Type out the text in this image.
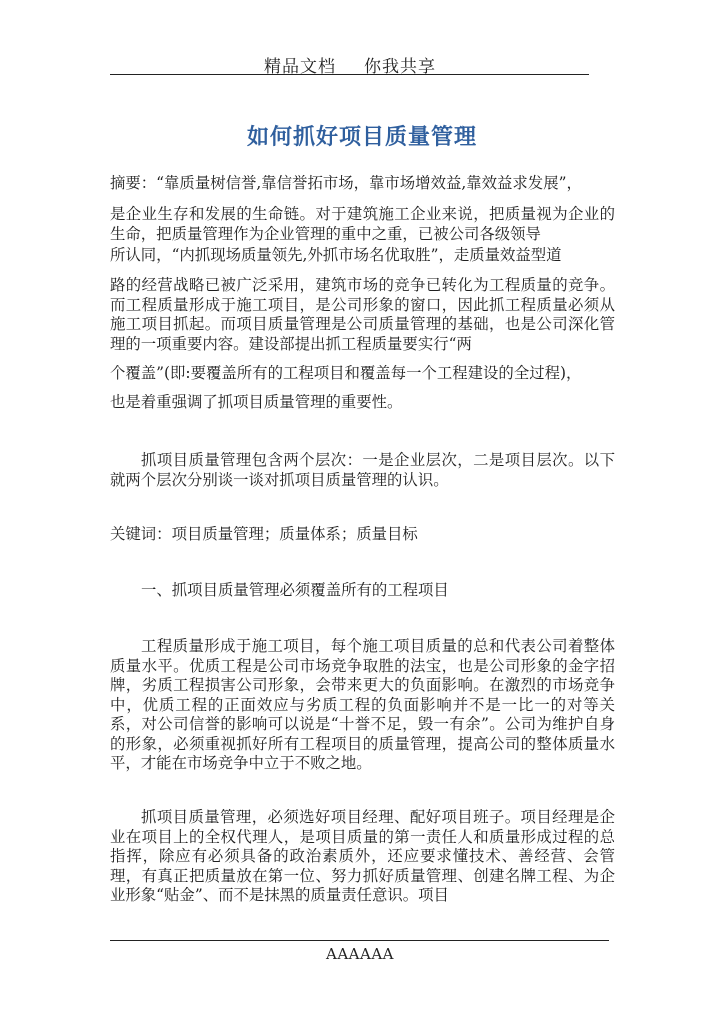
精品文档 你我共享
如何抓好项目质量管理
摘要：“靠质量树信誉,靠信誉拓市场，靠市场增效益,靠效益求发展”，
是企业生存和发展的生命链。对于建筑施工企业来说，把质量视为企业的生命，把质量管理作为企业管理的重中之重，已被公司各级领导
所认同，“内抓现场质量领先,外抓市场名优取胜”，走质量效益型道
路的经营战略已被广泛采用，建筑市场的竞争已转化为工程质量的竞争。而工程质量形成于施工项目，是公司形象的窗口，因此抓工程质量必须从施工项目抓起。而项目质量管理是公司质量管理的基础，也是公司深化管理的一项重要内容。建设部提出抓工程质量要实行“两
个覆盖”(即:要覆盖所有的工程项目和覆盖每一个工程建设的全过程)，
也是着重强调了抓项目质量管理的重要性。
抓项目质量管理包含两个层次：一是企业层次，二是项目层次。以下就两个层次分别谈一谈对抓项目质量管理的认识。
关键词：项目质量管理；质量体系；质量目标
一、抓项目质量管理必须覆盖所有的工程项目
工程质量形成于施工项目，每个施工项目质量的总和代表公司着整体质量水平。优质工程是公司市场竞争取胜的法宝，也是公司形象的金字招牌，劣质工程损害公司形象，会带来更大的负面影响。在激烈的市场竞争中，优质工程的正面效应与劣质工程的负面影响并不是一比一的对等关系，对公司信誉的影响可以说是“十誉不足，毁一有余”。公司为维护自身的形象，必须重视抓好所有工程项目的质量管理，提高公司的整体质量水平，才能在市场竞争中立于不败之地。
抓项目质量管理，必须选好项目经理、配好项目班子。项目经理是企业在项目上的全权代理人，是项目质量的第一责任人和质量形成过程的总指挥，除应有必须具备的政治素质外，还应要求懂技术、善经营、会管理，有真正把质量放在第一位、努力抓好质量管理、创建名牌工程、为企业形象“贴金”、而不是抹黑的质量责任意识。项目
AAAAAA
